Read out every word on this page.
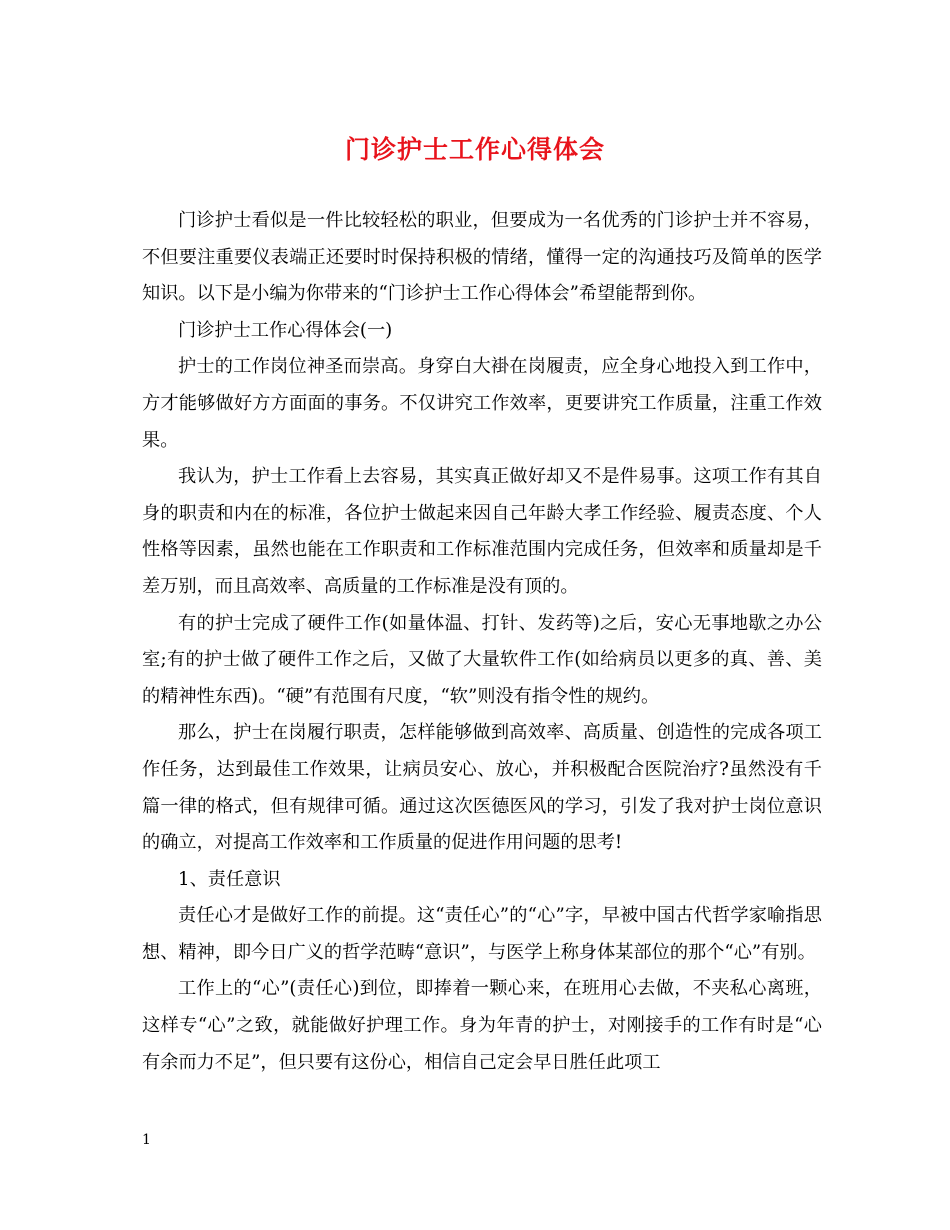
门诊护士工作心得体会

门诊护士看似是一件比较轻松的职业，但要成为一名优秀的门诊护士并不容易，不但要注重要仪表端正还要时时保持积极的情绪，懂得一定的沟通技巧及简单的医学知识。以下是小编为你带来的“门诊护士工作心得体会”希望能帮到你。

门诊护士工作心得体会(一)

护士的工作岗位神圣而崇高。身穿白大褂在岗履责，应全身心地投入到工作中，方才能够做好方方面面的事务。不仅讲究工作效率，更要讲究工作质量，注重工作效果。

我认为，护士工作看上去容易，其实真正做好却又不是件易事。这项工作有其自身的职责和内在的标准，各位护士做起来因自己年龄大孝工作经验、履责态度、个人性格等因素，虽然也能在工作职责和工作标准范围内完成任务，但效率和质量却是千差万别，而且高效率、高质量的工作标准是没有顶的。

有的护士完成了硬件工作(如量体温、打针、发药等)之后，安心无事地歇之办公室;有的护士做了硬件工作之后，又做了大量软件工作(如给病员以更多的真、善、美的精神性东西)。“硬”有范围有尺度，“软”则没有指令性的规约。

那么，护士在岗履行职责，怎样能够做到高效率、高质量、创造性的完成各项工作任务，达到最佳工作效果，让病员安心、放心，并积极配合医院治疗?虽然没有千篇一律的格式，但有规律可循。通过这次医德医风的学习，引发了我对护士岗位意识的确立，对提高工作效率和工作质量的促进作用问题的思考!

1、责任意识

责任心才是做好工作的前提。这“责任心”的“心”字，早被中国古代哲学家喻指思想、精神，即今日广义的哲学范畴“意识”，与医学上称身体某部位的那个“心”有别。

工作上的“心”(责任心)到位，即捧着一颗心来，在班用心去做，不夹私心离班，这样专“心”之致，就能做好护理工作。身为年青的护士，对刚接手的工作有时是“心有余而力不足”，但只要有这份心，相信自己定会早日胜任此项工

1
